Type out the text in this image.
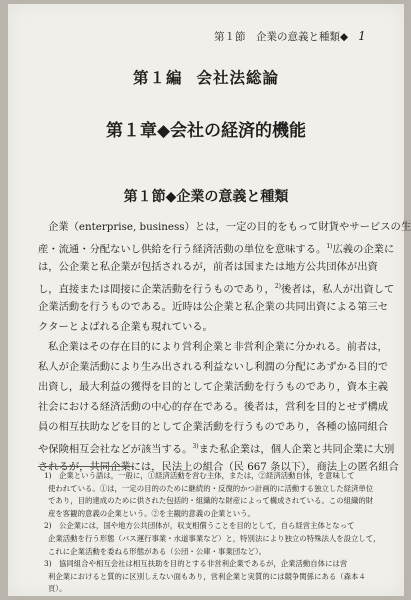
第１節　企業の意義と種類◆ 1
第１編 会社法総論
第１章◆会社の経済的機能
第１節◆企業の意義と種類
企業（enterprise, business）とは，一定の目的をもって財貨やサービスの生
産・流通・分配ないし供給を行う経済活動の単位を意味する。$^{1)}$広義の企業に
は，公企業と私企業が包括されるが，前者は国または地方公共団体が出資
し，直接または間接に企業活動を行うものであり，$^{2)}$後者は，私人が出資して
企業活動を行うものである。近時は公企業と私企業の共同出資による第三セ
クターとよばれる企業も現れている。
私企業はその存在目的により営利企業と非営利企業に分かれる。前者は，
私人が企業活動により生み出される利益ないし利潤の分配にあずかる目的で
出資し，最大利益の獲得を目的として企業活動を行うものであり，資本主義
社会における経済活動の中心的存在である。後者は，営利を目的とせず構成
員の相互扶助などを目的として企業活動を行うものであり，各種の協同組合
や保険相互会社などが該当する。$^{3)}$また私企業は，個人企業と共同企業に大別
されるが，共同企業には，民法上の組合（民 667 条以下），商法上の匿名組合
1)　 企業という語は，一般に，①経済活動を営む主体，または，②経済活動自体，を意味して
使われている。①は，一定の目的のために継続的・反復的かつ計画的に活動する独立した経済単位
であり，目的達成のために供された包括的・組織的な財産によって構成されている。この組織的財
産を客観的意義の企業という。②を主観的意義の企業という。
2)　 公企業には，国や地方公共団体が，収支相償うことを目的として，自ら経営主体となって
企業活動を行う形態（バス運行事業・水道事業など）と，特別法により独立の特殊法人を設立して，
これに企業活動を委ねる形態がある（公団・公庫・事業団など）。
3)　 協同組合や相互会社は相互扶助を目的とする非営利企業であるが，企業活動自体には営
利企業におけると質的に区別しえない面もあり，営利企業と実質的には競争関係にある（森本４
頁）。
